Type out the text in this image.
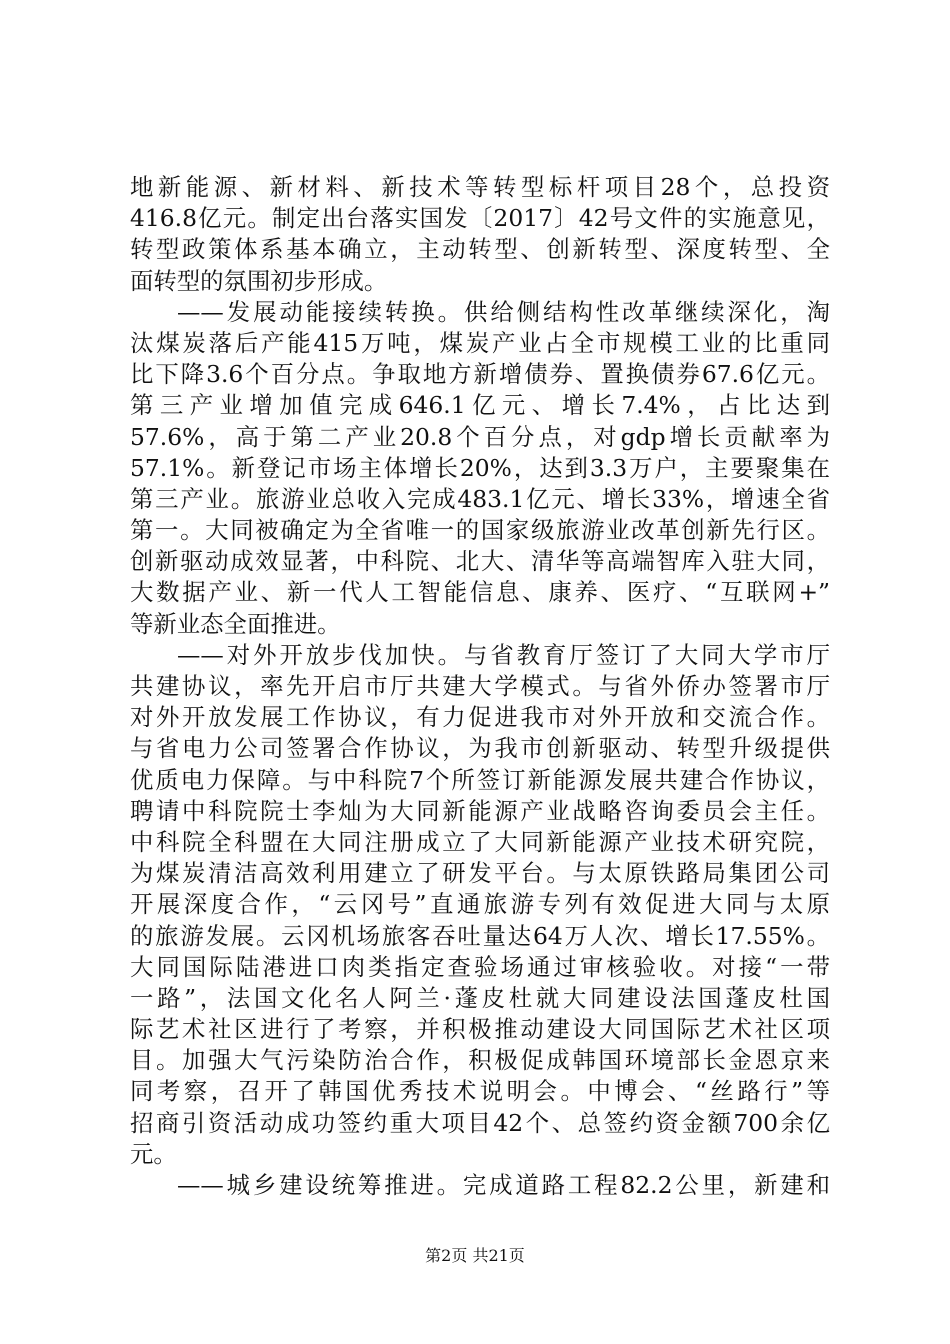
地新能源、新材料、新技术等转型标杆项目28个，总投资
416.8亿元。制定出台落实国发〔2017〕42号文件的实施意见，
转型政策体系基本确立，主动转型、创新转型、深度转型、全
面转型的氛围初步形成。
——发展动能接续转换。供给侧结构性改革继续深化，淘
汰煤炭落后产能415万吨，煤炭产业占全市规模工业的比重同
比下降3.6个百分点。争取地方新增债券、置换债券67.6亿元。
第三产业增加值完成646.1亿元、增长7.4%，占比达到
57.6%，高于第二产业20.8个百分点，对gdp增长贡献率为
57.1%。新登记市场主体增长20%，达到3.3万户，主要聚集在
第三产业。旅游业总收入完成483.1亿元、增长33%，增速全省
第一。大同被确定为全省唯一的国家级旅游业改革创新先行区。
创新驱动成效显著，中科院、北大、清华等高端智库入驻大同，
大数据产业、新一代人工智能信息、康养、医疗、“互联网+”
等新业态全面推进。
——对外开放步伐加快。与省教育厅签订了大同大学市厅
共建协议，率先开启市厅共建大学模式。与省外侨办签署市厅
对外开放发展工作协议，有力促进我市对外开放和交流合作。
与省电力公司签署合作协议，为我市创新驱动、转型升级提供
优质电力保障。与中科院7个所签订新能源发展共建合作协议，
聘请中科院院士李灿为大同新能源产业战略咨询委员会主任。
中科院全科盟在大同注册成立了大同新能源产业技术研究院，
为煤炭清洁高效利用建立了研发平台。与太原铁路局集团公司
开展深度合作，“云冈号”直通旅游专列有效促进大同与太原
的旅游发展。云冈机场旅客吞吐量达64万人次、增长17.55%。
大同国际陆港进口肉类指定查验场通过审核验收。对接“一带
一路”，法国文化名人阿兰·蓬皮杜就大同建设法国蓬皮杜国
际艺术社区进行了考察，并积极推动建设大同国际艺术社区项
目。加强大气污染防治合作，积极促成韩国环境部长金恩京来
同考察，召开了韩国优秀技术说明会。中博会、“丝路行”等
招商引资活动成功签约重大项目42个、总签约资金额700余亿
元。
——城乡建设统筹推进。完成道路工程82.2公里，新建和
第2页 共21页
